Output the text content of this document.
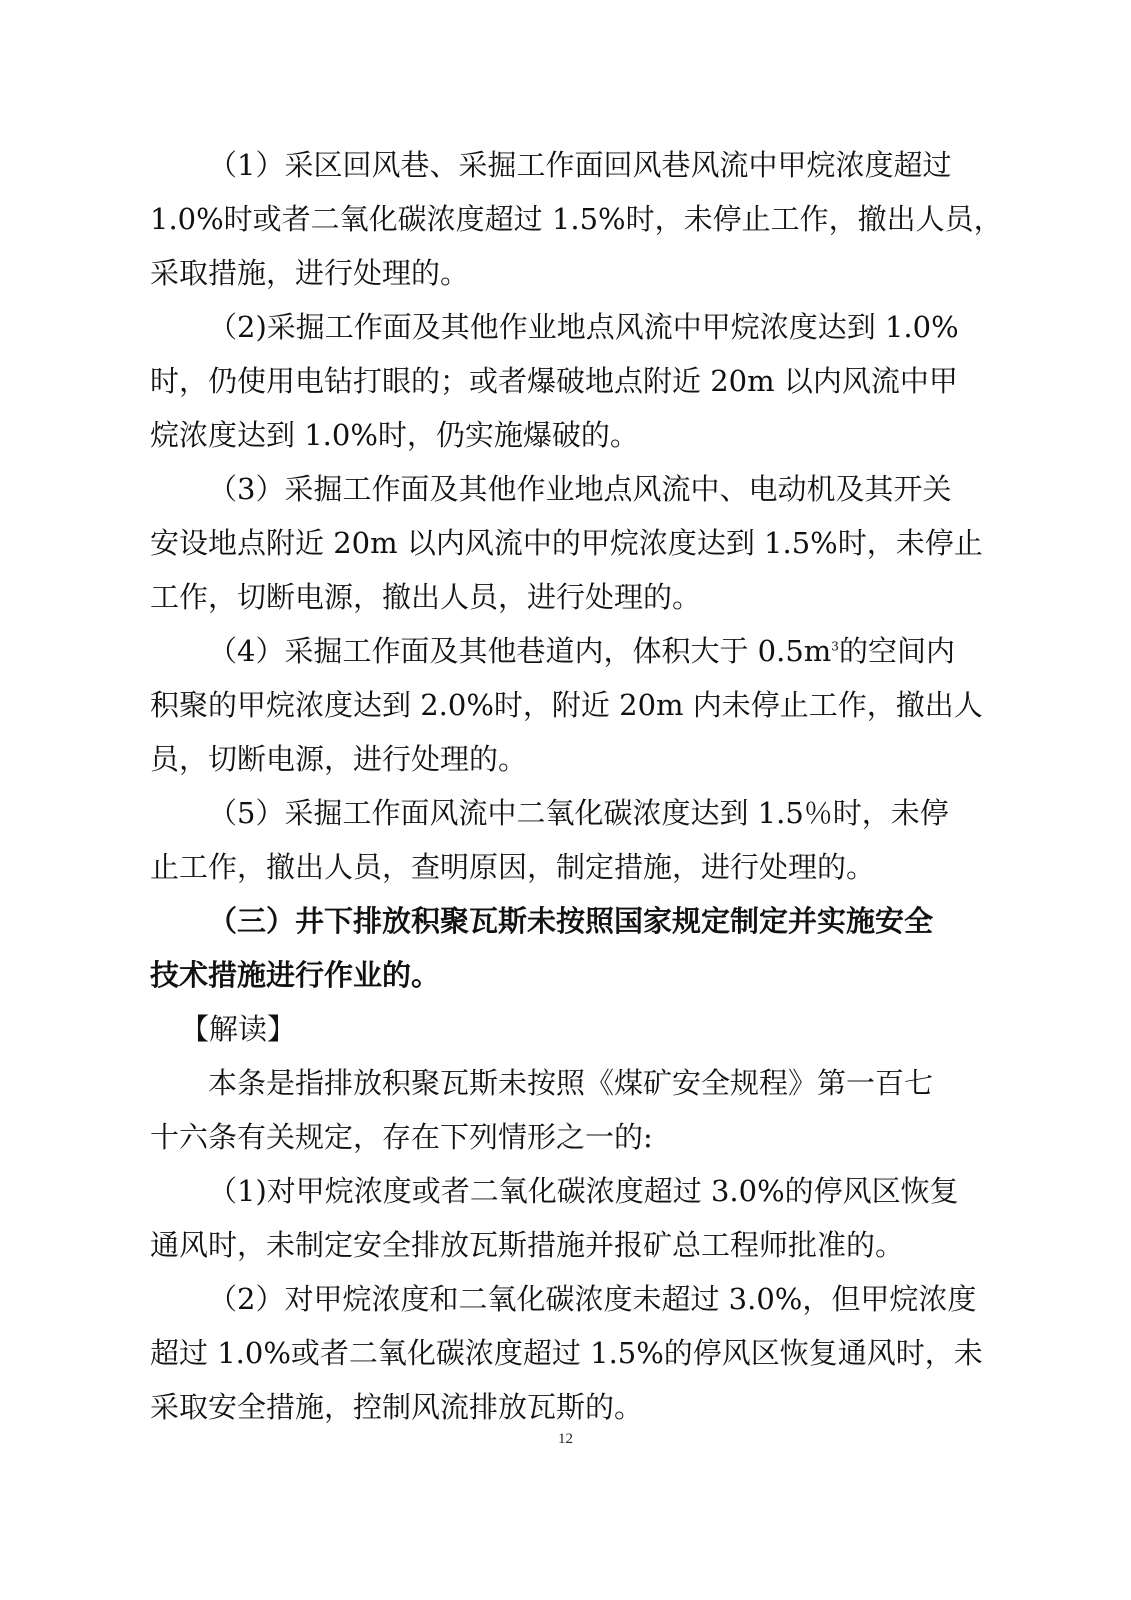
（1）采区回风巷、采掘工作面回风巷风流中甲烷浓度超过
1.0%时或者二氧化碳浓度超过 1.5%时，未停止工作，撤出人员，
采取措施，进行处理的。
（2)采掘工作面及其他作业地点风流中甲烷浓度达到 1.0%
时，仍使用电钻打眼的；或者爆破地点附近 20m 以内风流中甲
烷浓度达到 1.0%时，仍实施爆破的。
（3）采掘工作面及其他作业地点风流中、电动机及其开关
安设地点附近 20m 以内风流中的甲烷浓度达到 1.5%时，未停止
工作，切断电源，撤出人员，进行处理的。
（4）采掘工作面及其他巷道内，体积大于 $0.5m^3$的空间内
积聚的甲烷浓度达到 2.0%时，附近 20m 内未停止工作，撤出人
员，切断电源，进行处理的。
（5）采掘工作面风流中二氧化碳浓度达到 1.5％时，未停
止工作，撤出人员，查明原因，制定措施，进行处理的。
（三）井下排放积聚瓦斯未按照国家规定制定并实施安全
技术措施进行作业的。
【解读】
本条是指排放积聚瓦斯未按照《煤矿安全规程》第一百七
十六条有关规定，存在下列情形之一的:
（1)对甲烷浓度或者二氧化碳浓度超过 3.0%的停风区恢复
通风时，未制定安全排放瓦斯措施并报矿总工程师批准的。
（2）对甲烷浓度和二氧化碳浓度未超过 3.0%，但甲烷浓度
超过 1.0%或者二氧化碳浓度超过 1.5%的停风区恢复通风时，未
采取安全措施，控制风流排放瓦斯的。
12
